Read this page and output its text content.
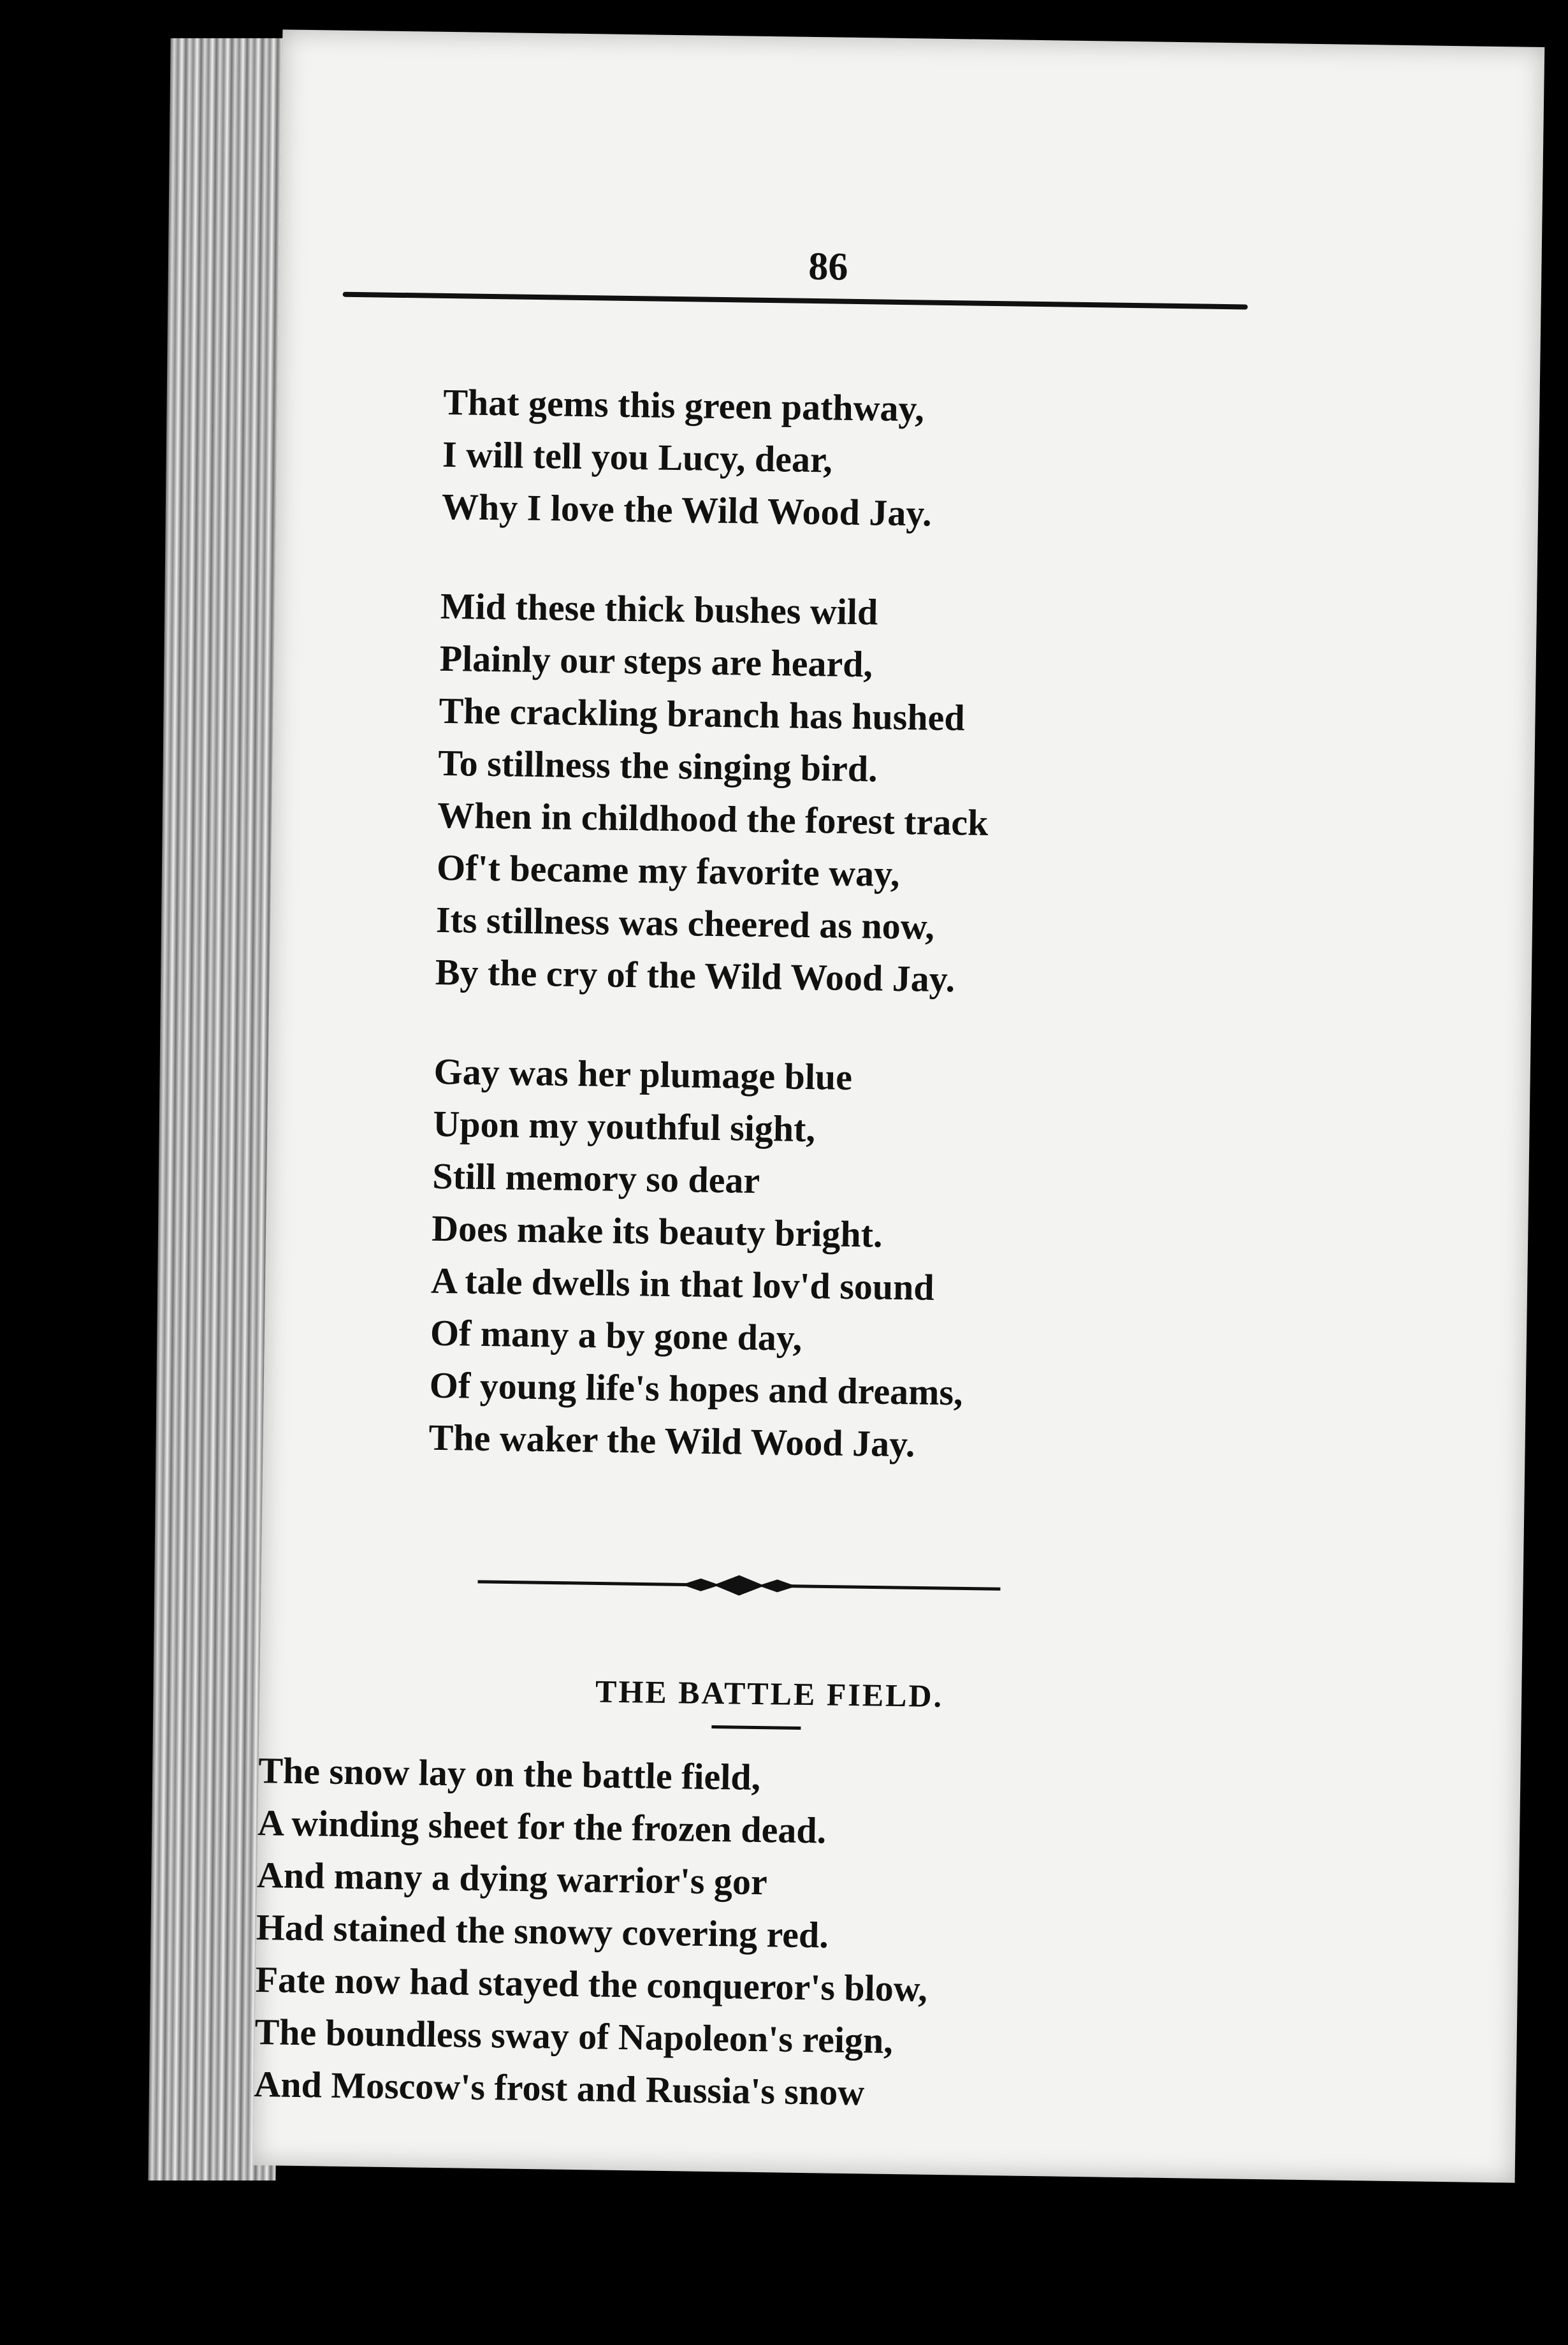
86
That gems this green pathway,
I will tell you Lucy, dear,
Why I love the Wild Wood Jay.
Mid these thick bushes wild
Plainly our steps are heard,
The crackling branch has hushed
To stillness the singing bird.
When in childhood the forest track
Of't became my favorite way,
Its stillness was cheered as now,
By the cry of the Wild Wood Jay.
Gay was her plumage blue
Upon my youthful sight,
Still memory so dear
Does make its beauty bright.
A tale dwells in that lov'd sound
Of many a by gone day,
Of young life's hopes and dreams,
The waker the Wild Wood Jay.
THE BATTLE FIELD.
The snow lay on the battle field,
A winding sheet for the frozen dead.
And many a dying warrior's gor
Had stained the snowy covering red.
Fate now had stayed the conqueror's blow,
The boundless sway of Napoleon's reign,
And Moscow's frost and Russia's snow
